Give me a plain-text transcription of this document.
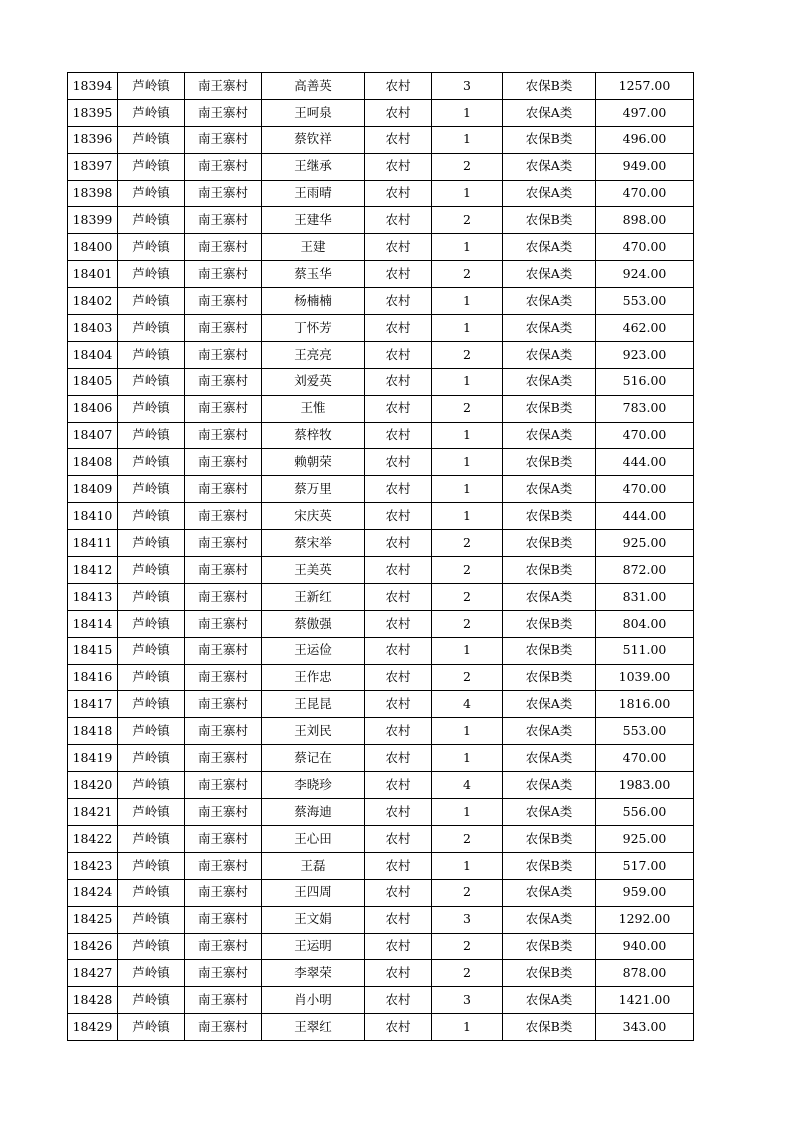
18394	芦岭镇	南王寨村	高善英	农村	3	农保B类	1257.00
18395	芦岭镇	南王寨村	王呵泉	农村	1	农保A类	497.00
18396	芦岭镇	南王寨村	蔡钦祥	农村	1	农保B类	496.00
18397	芦岭镇	南王寨村	王继承	农村	2	农保A类	949.00
18398	芦岭镇	南王寨村	王雨晴	农村	1	农保A类	470.00
18399	芦岭镇	南王寨村	王建华	农村	2	农保B类	898.00
18400	芦岭镇	南王寨村	王建	农村	1	农保A类	470.00
18401	芦岭镇	南王寨村	蔡玉华	农村	2	农保A类	924.00
18402	芦岭镇	南王寨村	杨楠楠	农村	1	农保A类	553.00
18403	芦岭镇	南王寨村	丁怀芳	农村	1	农保A类	462.00
18404	芦岭镇	南王寨村	王亮亮	农村	2	农保A类	923.00
18405	芦岭镇	南王寨村	刘爱英	农村	1	农保A类	516.00
18406	芦岭镇	南王寨村	王惟	农村	2	农保B类	783.00
18407	芦岭镇	南王寨村	蔡梓牧	农村	1	农保A类	470.00
18408	芦岭镇	南王寨村	赖朝荣	农村	1	农保B类	444.00
18409	芦岭镇	南王寨村	蔡万里	农村	1	农保A类	470.00
18410	芦岭镇	南王寨村	宋庆英	农村	1	农保B类	444.00
18411	芦岭镇	南王寨村	蔡宋举	农村	2	农保B类	925.00
18412	芦岭镇	南王寨村	王美英	农村	2	农保B类	872.00
18413	芦岭镇	南王寨村	王新红	农村	2	农保A类	831.00
18414	芦岭镇	南王寨村	蔡傲强	农村	2	农保B类	804.00
18415	芦岭镇	南王寨村	王运俭	农村	1	农保B类	511.00
18416	芦岭镇	南王寨村	王作忠	农村	2	农保B类	1039.00
18417	芦岭镇	南王寨村	王昆昆	农村	4	农保A类	1816.00
18418	芦岭镇	南王寨村	王刘民	农村	1	农保A类	553.00
18419	芦岭镇	南王寨村	蔡记在	农村	1	农保A类	470.00
18420	芦岭镇	南王寨村	李晓珍	农村	4	农保A类	1983.00
18421	芦岭镇	南王寨村	蔡海迪	农村	1	农保A类	556.00
18422	芦岭镇	南王寨村	王心田	农村	2	农保B类	925.00
18423	芦岭镇	南王寨村	王磊	农村	1	农保B类	517.00
18424	芦岭镇	南王寨村	王四周	农村	2	农保A类	959.00
18425	芦岭镇	南王寨村	王文娟	农村	3	农保A类	1292.00
18426	芦岭镇	南王寨村	王运明	农村	2	农保B类	940.00
18427	芦岭镇	南王寨村	李翠荣	农村	2	农保B类	878.00
18428	芦岭镇	南王寨村	肖小明	农村	3	农保A类	1421.00
18429	芦岭镇	南王寨村	王翠红	农村	1	农保B类	343.00
